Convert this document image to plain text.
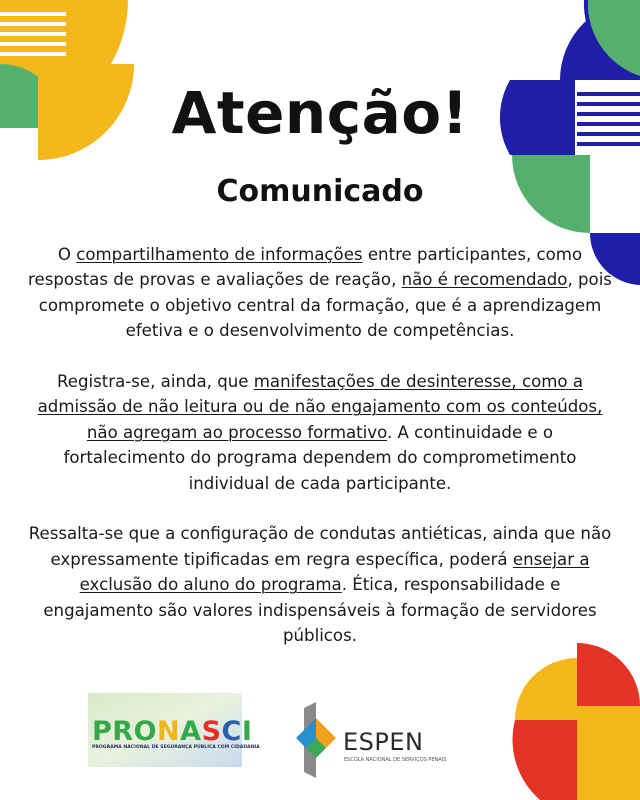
Atenção!
Comunicado

O compartilhamento de informações entre participantes, como respostas de provas e avaliações de reação, não é recomendado, pois compromete o objetivo central da formação, que é a aprendizagem efetiva e o desenvolvimento de competências.

Registra-se, ainda, que manifestações de desinteresse, como a admissão de não leitura ou de não engajamento com os conteúdos, não agregam ao processo formativo. A continuidade e o fortalecimento do programa dependem do comprometimento individual de cada participante.

Ressalta-se que a configuração de condutas antiéticas, ainda que não expressamente tipificadas em regra específica, poderá ensejar a exclusão do aluno do programa. Ética, responsabilidade e engajamento são valores indispensáveis à formação de servidores públicos.

PRONASCI
PROGRAMA NACIONAL DE SEGURANÇA PÚBLICA COM CIDADANIA	ESPEN
ESCOLA NACIONAL DE SERVIÇOS PENAIS
